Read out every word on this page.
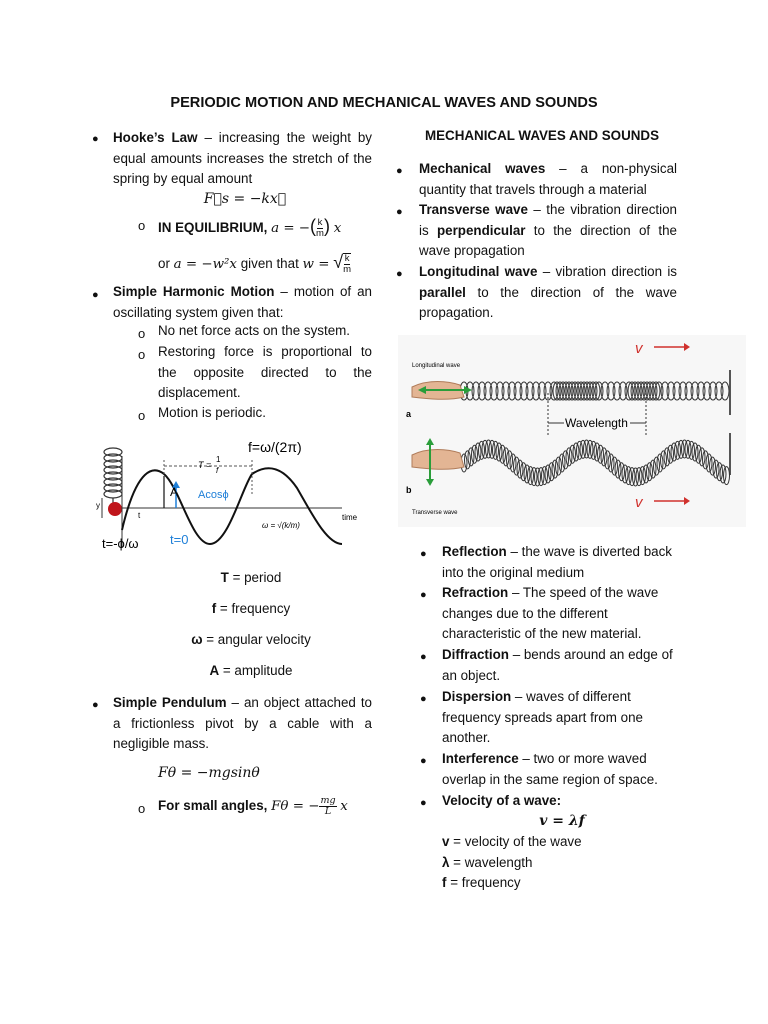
PERIODIC MOTION AND MECHANICAL WAVES AND SOUNDS
● Hooke’s Law – increasing the weight by equal amounts increases the stretch of the spring by equal amount
F⃗s = −kx⃗
o IN EQUILIBRIUM, a = −( $\frac{k}{m}$ ) x
or a = −w²x given that w = √ $\frac{k}{m}$
● Simple Harmonic Motion – motion of an oscillating system given that:
o No net force acts on the system.
o Restoring force is proportional to the opposite directed to the displacement.
o Motion is periodic.
y
t
A Acosϕ
f=ω/(2π)
T =
1
f
time
ω = √(k/m)
t=-ϕ/ω t=0
T = period
f = frequency
ω = angular velocity
A = amplitude
● Simple Pendulum – an object attached to a frictionless pivot by a cable with a negligible mass.
Fθ = −mgsinθ
o For small angles, Fθ = − $\frac{mg}{L}$ x
MECHANICAL WAVES AND SOUNDS
● Mechanical waves – a non-physical quantity that travels through a material
● Transverse wave – the vibration direction is perpendicular to the direction of the wave propagation
● Longitudinal wave – vibration direction is parallel to the direction of the wave propagation.
Longitudinal wave
a
b
Transverse wave
v
v
Wavelength
● Reflection – the wave is diverted back into the original medium
● Refraction – The speed of the wave changes due to the different characteristic of the new material.
● Diffraction – bends around an edge of an object.
● Dispersion – waves of different frequency spreads apart from one another.
● Interference – two or more waved overlap in the same region of space.
● Velocity of a wave:
v = λf
v = velocity of the wave
λ = wavelength
f = frequency
